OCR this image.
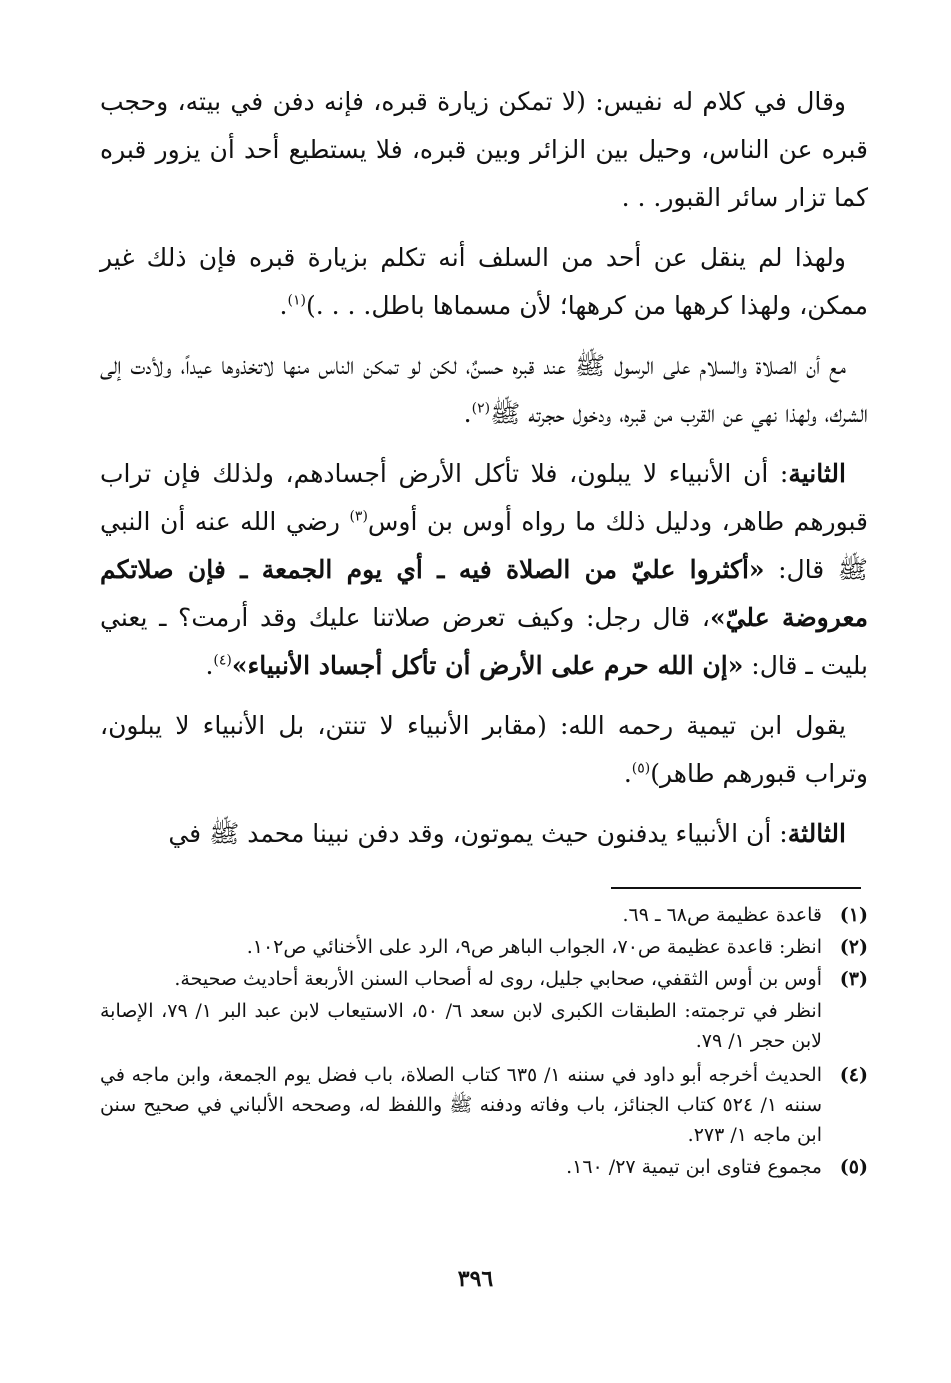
وقال في كلام له نفيس: (لا تمكن زيارة قبره، فإنه دفن في بيته، وحجب قبره عن الناس، وحيل بين الزائر وبين قبره، فلا يستطيع أحد أن يزور قبره كما تزار سائر القبور. . .

ولهذا لم ينقل عن أحد من السلف أنه تكلم بزيارة قبره فإن ذلك غير ممكن، ولهذا كرهها من كرهها؛ لأن مسماها باطل. . . .)$^{(١)}$.

مع أن الصلاة والسلام على الرسول ﷺ عند قبره حسنٌ، لكن لو تمكن الناس منها لاتخذوها عيداً، ولأدت إلى الشرك، ولهذا نهي عن القرب من قبره، ودخول حجرته ﷺ$^{(٢)}$.

الثانية: أن الأنبياء لا يبلون، فلا تأكل الأرض أجسادهم، ولذلك فإن تراب قبورهم طاهر، ودليل ذلك ما رواه أوس بن أوس$^{(٣)}$ رضي الله عنه أن النبي ﷺ قال: «أكثروا عليّ من الصلاة فيه ـ أي يوم الجمعة ـ فإن صلاتكم معروضة عليّ»، قال رجل: وكيف تعرض صلاتنا عليك وقد أرمت؟ ـ يعني بليت ـ قال: «إن الله حرم على الأرض أن تأكل أجساد الأنبياء»$^{(٤)}$.

يقول ابن تيمية رحمه الله: (مقابر الأنبياء لا تنتن، بل الأنبياء لا يبلون، وتراب قبورهم طاهر)$^{(٥)}$.

الثالثة: أن الأنبياء يدفنون حيث يموتون، وقد دفن نبينا محمد ﷺ في

(١)
قاعدة عظيمة ص٦٨ ـ ٦٩.
(٢)
انظر: قاعدة عظيمة ص٧٠، الجواب الباهر ص٩، الرد على الأخنائي ص١٠٢.
(٣)
أوس بن أوس الثقفي، صحابي جليل، روى له أصحاب السنن الأربعة أحاديث صحيحة.
انظر في ترجمته: الطبقات الكبرى لابن سعد ٦/ ٥٠، الاستيعاب لابن عبد البر ١/ ٧٩، الإصابة لابن حجر ١/ ٧٩.
(٤)
الحديث أخرجه أبو داود في سننه ١/ ٦٣٥ كتاب الصلاة، باب فضل يوم الجمعة، وابن ماجه في سننه ١/ ٥٢٤ كتاب الجنائز، باب وفاته ودفنه ﷺ واللفظ له، وصححه الألباني في صحيح سنن ابن ماجه ١/ ٢٧٣.
(٥)
مجموع فتاوى ابن تيمية ٢٧/ ١٦٠.
٣٩٦
